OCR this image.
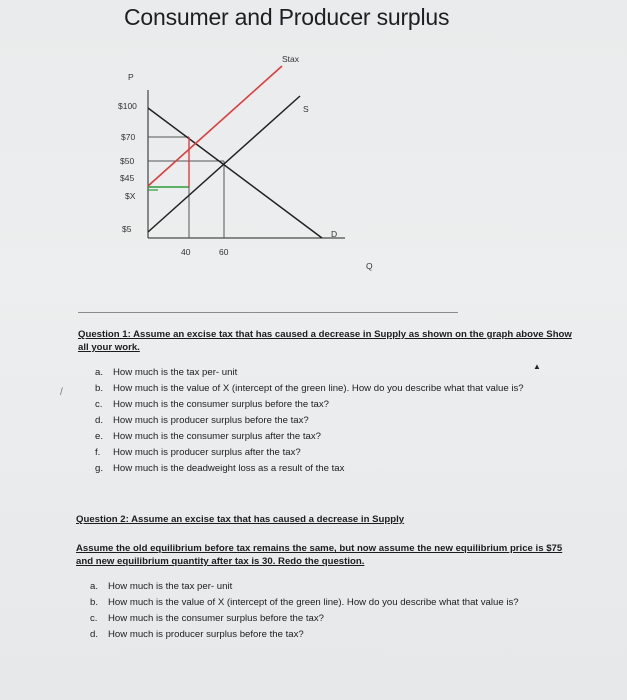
Consumer and Producer surplus
P
Q
Stax
S
D
$100
$70
$50
$45
$X
$5
40	60
Question 1: Assume an excise tax that has caused a decrease in Supply as shown on the graph above Show all your work.
▲
/
a. How much is the tax per- unit
b. How much is the value of X (intercept of the green line). How do you describe what that value is?
c. How much is the consumer surplus before the tax?
d. How much is producer surplus before the tax?
e. How much is the consumer surplus after the tax?
f. How much is producer surplus after the tax?
g. How much is the deadweight loss as a result of the tax
Question 2: Assume an excise tax that has caused a decrease in Supply
Assume the old equilibrium before tax remains the same, but now assume the new equilibrium price is $75 and new equilibrium quantity after tax is 30. Redo the question.
a. How much is the tax per- unit
b. How much is the value of X (intercept of the green line). How do you describe what that value is?
c. How much is the consumer surplus before the tax?
d. How much is producer surplus before the tax?
